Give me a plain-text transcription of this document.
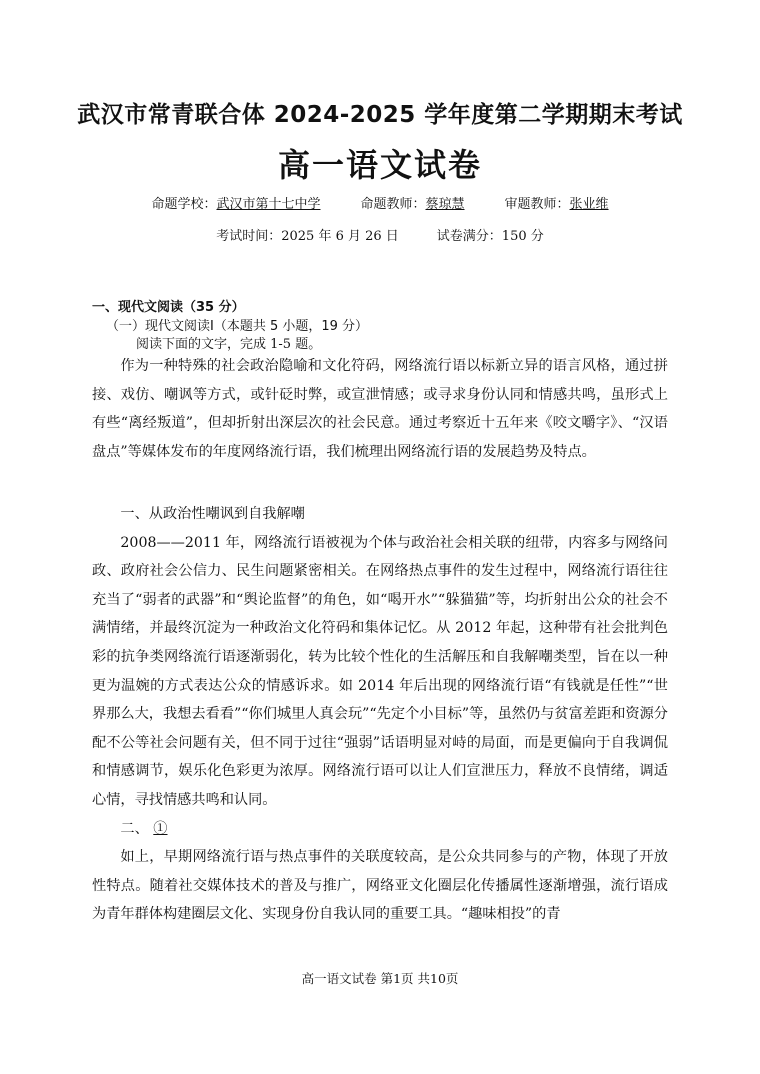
武汉市常青联合体 2024-2025 学年度第二学期期末考试
高一语文试卷
命题学校：武汉市第十七中学	命题教师：蔡琼慧	审题教师：张业维
考试时间：2025 年 6 月 26 日	试卷满分：150 分
一、现代文阅读（35 分）
（一）现代文阅读Ⅰ（本题共 5 小题，19 分）
阅读下面的文字，完成 1-5 题。

作为一种特殊的社会政治隐喻和文化符码，网络流行语以标新立异的语言风格，通过拼接、戏仿、嘲讽等方式，或针砭时弊，或宣泄情感；或寻求身份认同和情感共鸣，虽形式上有些“离经叛道”，但却折射出深层次的社会民意。通过考察近十五年来《咬文嚼字》、“汉语盘点”等媒体发布的年度网络流行语，我们梳理出网络流行语的发展趋势及特点。

一、从政治性嘲讽到自我解嘲

2008——2011 年，网络流行语被视为个体与政治社会相关联的纽带，内容多与网络问政、政府社会公信力、民生问题紧密相关。在网络热点事件的发生过程中，网络流行语往往充当了“弱者的武器”和“舆论监督”的角色，如“喝开水”“躲猫猫”等，均折射出公众的社会不满情绪，并最终沉淀为一种政治文化符码和集体记忆。从 2012 年起，这种带有社会批判色彩的抗争类网络流行语逐渐弱化，转为比较个性化的生活解压和自我解嘲类型，旨在以一种更为温婉的方式表达公众的情感诉求。如 2014 年后出现的网络流行语“有钱就是任性”“世界那么大，我想去看看”“你们城里人真会玩”“先定个小目标”等，虽然仍与贫富差距和资源分配不公等社会问题有关，但不同于过往“强弱”话语明显对峙的局面，而是更偏向于自我调侃和情感调节，娱乐化色彩更为浓厚。网络流行语可以让人们宣泄压力，释放不良情绪，调适心情，寻找情感共鸣和认同。

二、 ①

如上，早期网络流行语与热点事件的关联度较高，是公众共同参与的产物，体现了开放性特点。随着社交媒体技术的普及与推广，网络亚文化圈层化传播属性逐渐增强，流行语成为青年群体构建圈层文化、实现身份自我认同的重要工具。“趣味相投”的青

高一语文试卷 第1页 共10页
